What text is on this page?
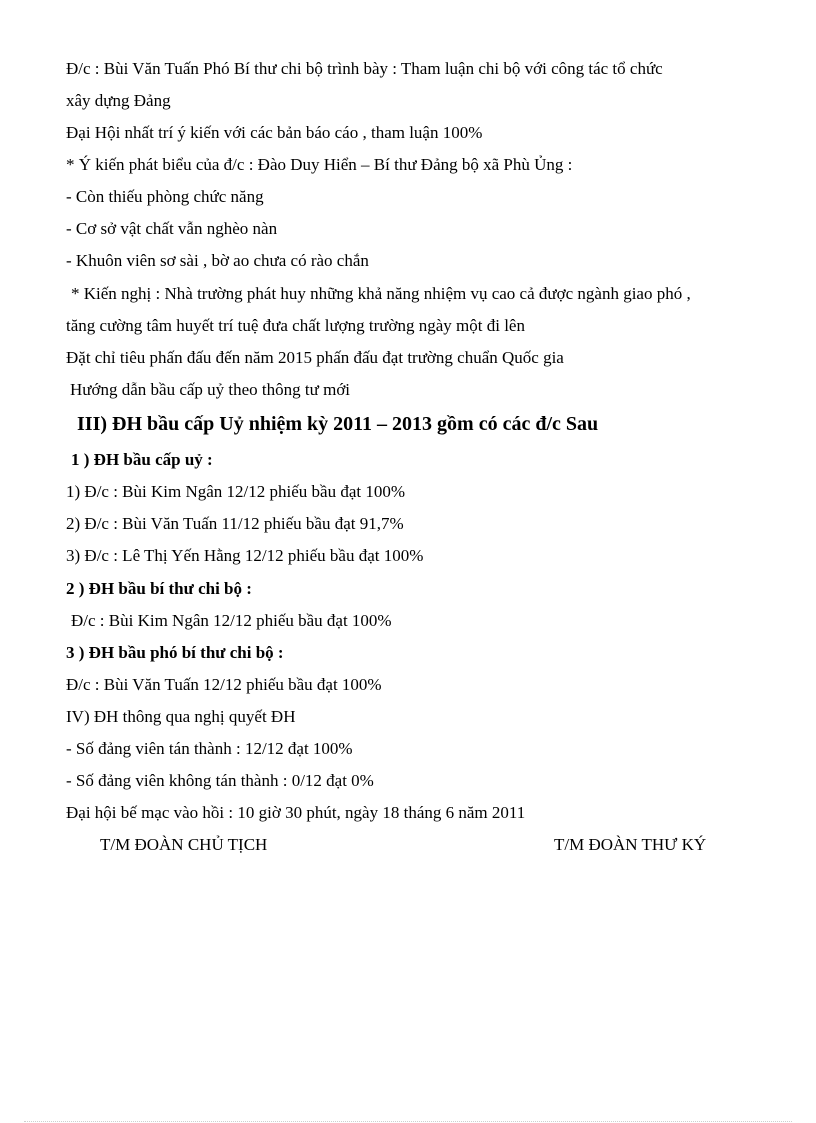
Đ/c : Bùi Văn Tuấn Phó Bí thư chi bộ trình bày : Tham luận chi bộ với công tác tổ chức
xây dựng Đảng
Đại Hội nhất trí ý kiến với các bản báo cáo , tham luận 100%
* Ý kiến phát biểu của đ/c : Đào Duy Hiển – Bí thư Đảng bộ xã Phù Ủng :
- Còn thiếu phòng chức năng
- Cơ sở vật chất vẫn nghèo nàn
- Khuôn viên sơ sài , bờ ao chưa có rào chắn
* Kiến nghị : Nhà trường phát huy những khả năng nhiệm vụ cao cả được ngành giao phó ,
tăng cường tâm huyết trí tuệ đưa chất lượng trường ngày một đi lên
Đặt chỉ tiêu phấn đấu đến năm 2015 phấn đấu đạt trường chuẩn Quốc gia
Hướng dẫn bầu cấp uỷ theo thông tư mới
III) ĐH bầu cấp Uỷ nhiệm kỳ 2011 – 2013 gồm có các đ/c Sau
1 ) ĐH bầu cấp uỷ :
1) Đ/c : Bùi Kim Ngân 12/12 phiếu bầu đạt 100%
2) Đ/c : Bùi Văn Tuấn 11/12 phiếu bầu đạt 91,7%
3) Đ/c : Lê Thị Yến Hằng 12/12 phiếu bầu đạt 100%
2 ) ĐH bầu bí thư chi bộ :
Đ/c : Bùi Kim Ngân 12/12 phiếu bầu đạt 100%
3 ) ĐH bầu phó bí thư chi bộ :
Đ/c : Bùi Văn Tuấn 12/12 phiếu bầu đạt 100%
IV) ĐH thông qua nghị quyết ĐH
- Số đảng viên tán thành : 12/12 đạt 100%
- Số đảng viên không tán thành : 0/12 đạt 0%
Đại hội bế mạc vào hồi : 10 giờ 30 phút, ngày 18 tháng 6 năm 2011
T/M ĐOÀN CHỦ TỊCH	T/M ĐOÀN THƯ KÝ
